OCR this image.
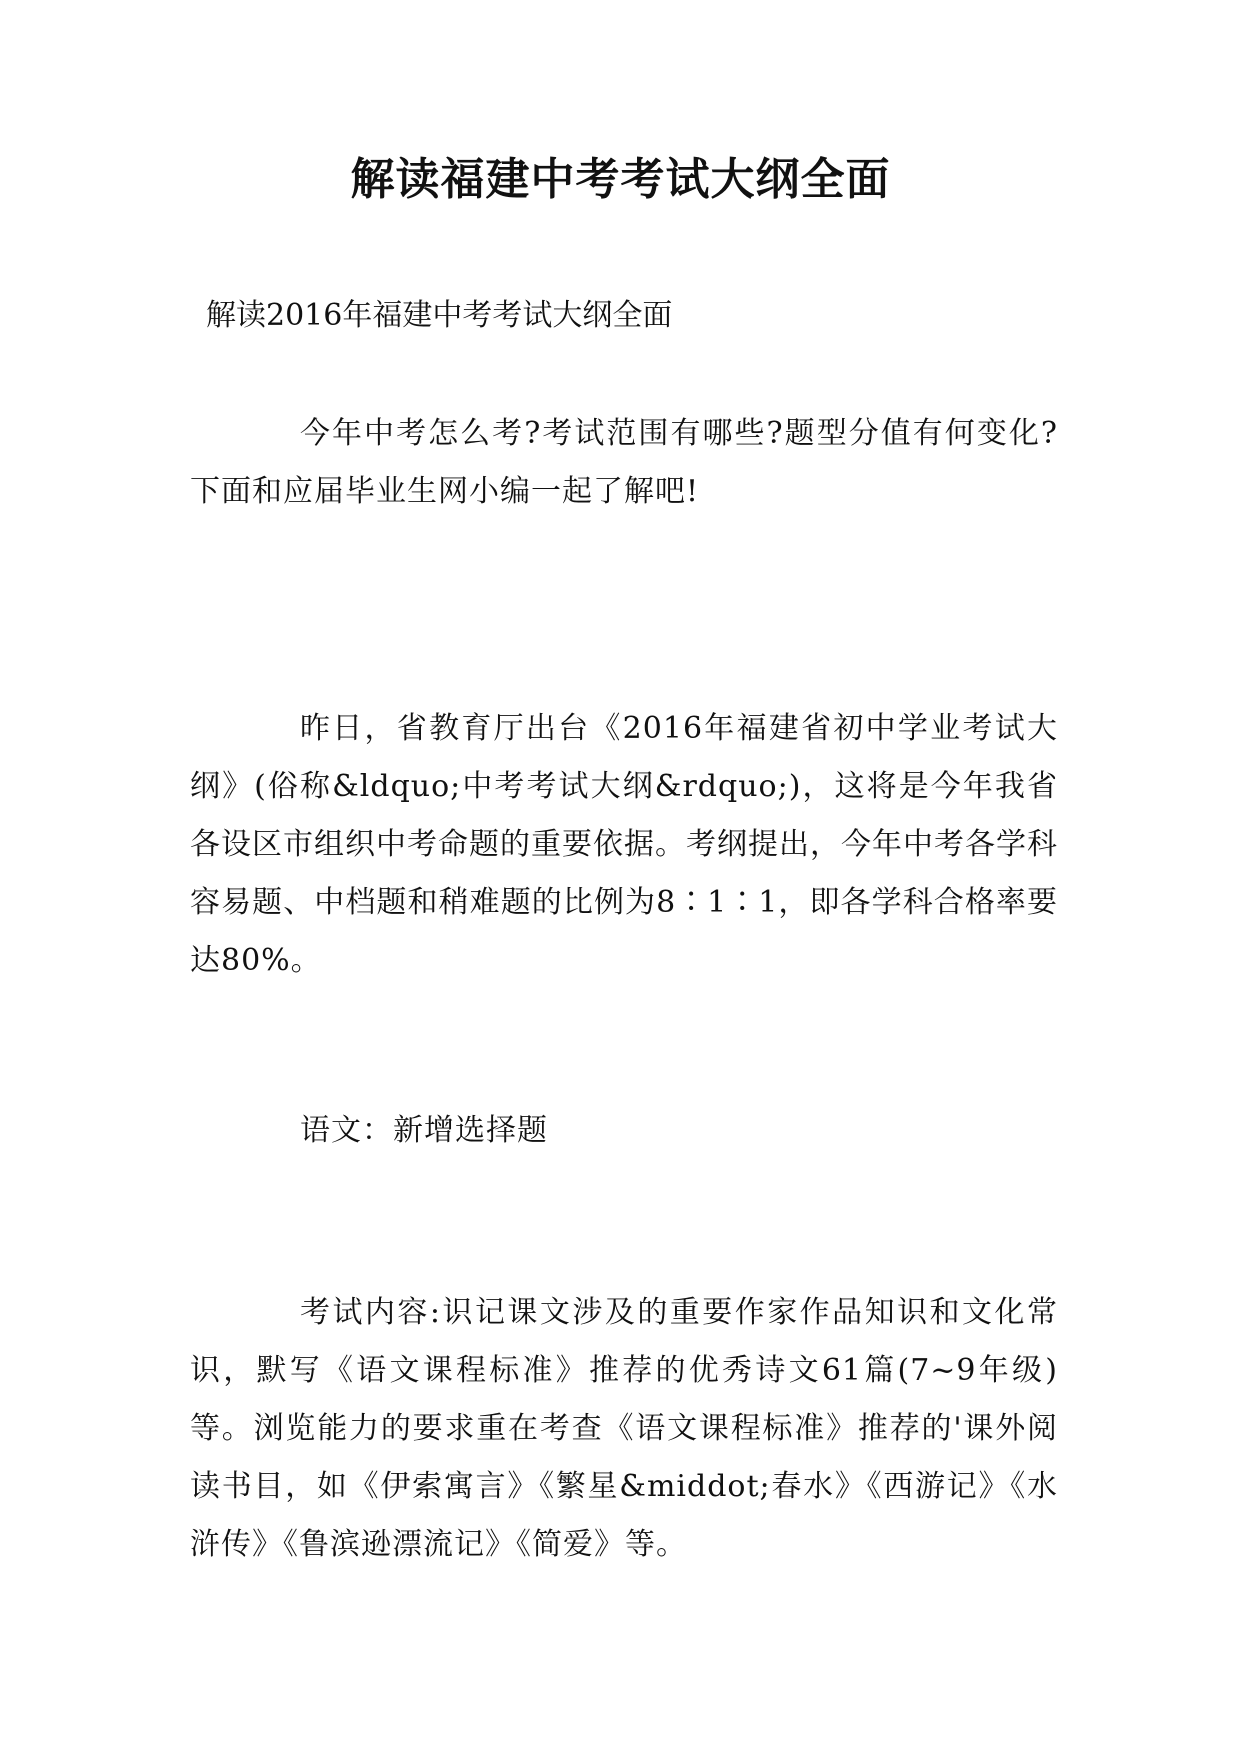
解读福建中考考试大纲全面

解读2016年福建中考考试大纲全面

今年中考怎么考?考试范围有哪些?题型分值有何变化?下面和应届毕业生网小编一起了解吧!

昨日，省教育厅出台《2016年福建省初中学业考试大纲》(俗称&ldquo;中考考试大纲&rdquo;)，这将是今年我省各设区市组织中考命题的重要依据。考纲提出，今年中考各学科容易题、中档题和稍难题的比例为8∶1∶1，即各学科合格率要达80%。

语文：新增选择题

考试内容:识记课文涉及的重要作家作品知识和文化常识，默写《语文课程标准》推荐的优秀诗文61篇(7~9年级)等。浏览能力的要求重在考查《语文课程标准》推荐的'课外阅读书目，如《伊索寓言》《繁星&middot;春水》《西游记》《水浒传》《鲁滨逊漂流记》《简爱》等。
